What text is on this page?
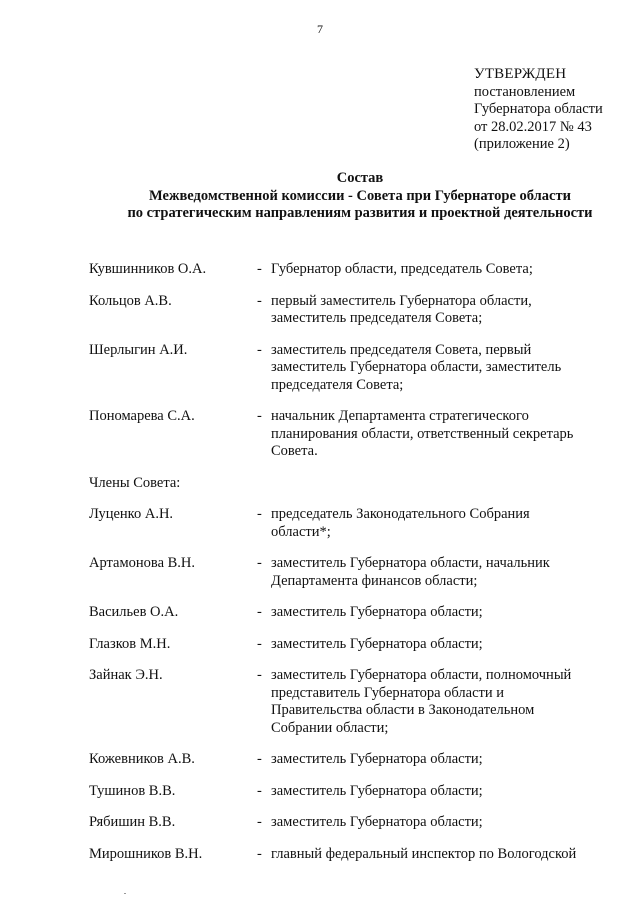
7
УТВЕРЖДЕН
постановлением
Губернатора области
от 28.02.2017 № 43
(приложение 2)
Состав
Межведомственной комиссии - Совета при Губернаторе области
по стратегическим направлениям развития и проектной деятельности
Кувшинников О.А.	- Губернатор области, председатель Совета;
Кольцов А.В.	- первый заместитель Губернатора области,
заместитель председателя Совета;
Шерлыгин А.И.	- заместитель председателя Совета, первый
заместитель Губернатора области, заместитель
председателя Совета;
Пономарева С.А.	- начальник Департамента стратегического
планирования области, ответственный секретарь
Совета.
Члены Совета:
Луценко А.Н.	- председатель Законодательного Собрания
области*;
Артамонова В.Н.	- заместитель Губернатора области, начальник
Департамента финансов области;
Васильев О.А.	- заместитель Губернатора области;
Глазков М.Н.	- заместитель Губернатора области;
Зайнак Э.Н.	- заместитель Губернатора области, полномочный
представитель Губернатора области и
Правительства области в Законодательном
Собрании области;
Кожевников А.В.	- заместитель Губернатора области;
Тушинов В.В.	- заместитель Губернатора области;
Рябишин В.В.	- заместитель Губернатора области;
Мирошников В.Н.	- главный федеральный инспектор по Вологодской
